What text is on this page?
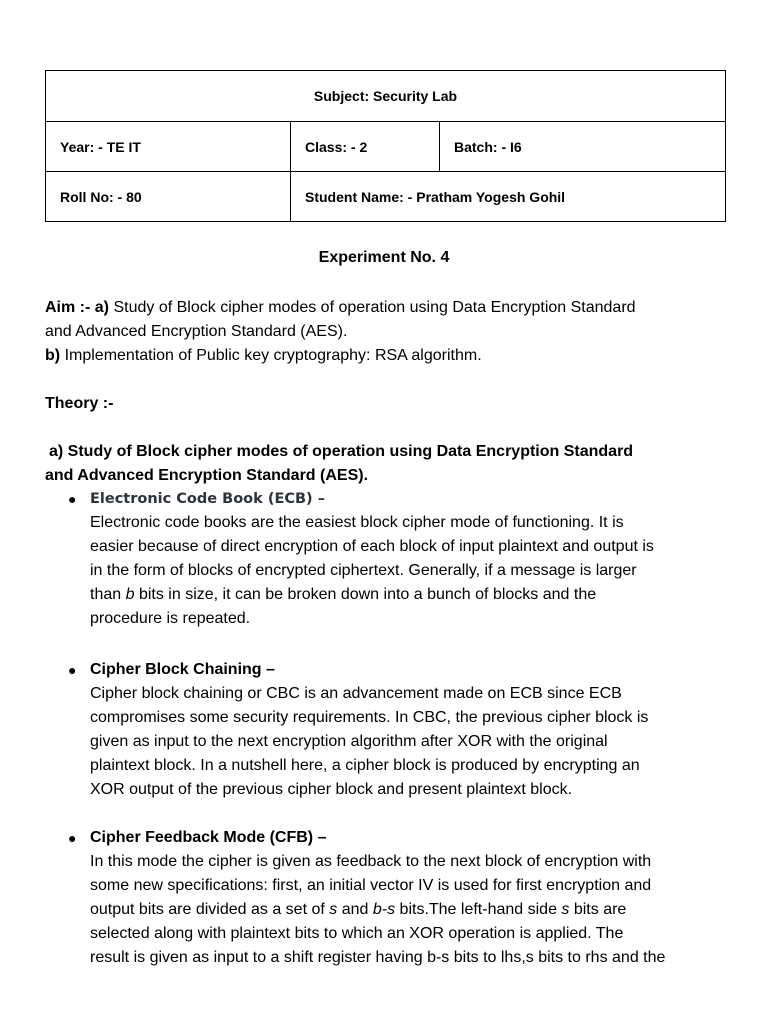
Subject: Security Lab		
Year: - TE IT	Class: - 2	Batch: - I6
Roll No: - 80	Student Name: - Pratham Yogesh Gohil	
Experiment No. 4
Aim :- a) Study of Block cipher modes of operation using Data Encryption Standard
and Advanced Encryption Standard (AES).
b) Implementation of Public key cryptography: RSA algorithm.
Theory :-
a) Study of Block cipher modes of operation using Data Encryption Standard
and Advanced Encryption Standard (AES).
● Electronic Code Book (ECB) –
Electronic code books are the easiest block cipher mode of functioning. It is
easier because of direct encryption of each block of input plaintext and output is
in the form of blocks of encrypted ciphertext. Generally, if a message is larger
than b bits in size, it can be broken down into a bunch of blocks and the
procedure is repeated.
● Cipher Block Chaining –
Cipher block chaining or CBC is an advancement made on ECB since ECB
compromises some security requirements. In CBC, the previous cipher block is
given as input to the next encryption algorithm after XOR with the original
plaintext block. In a nutshell here, a cipher block is produced by encrypting an
XOR output of the previous cipher block and present plaintext block.
● Cipher Feedback Mode (CFB) –
In this mode the cipher is given as feedback to the next block of encryption with
some new specifications: first, an initial vector IV is used for first encryption and
output bits are divided as a set of s and b-s bits.The left-hand side s bits are
selected along with plaintext bits to which an XOR operation is applied. The
result is given as input to a shift register having b-s bits to lhs,s bits to rhs and the
